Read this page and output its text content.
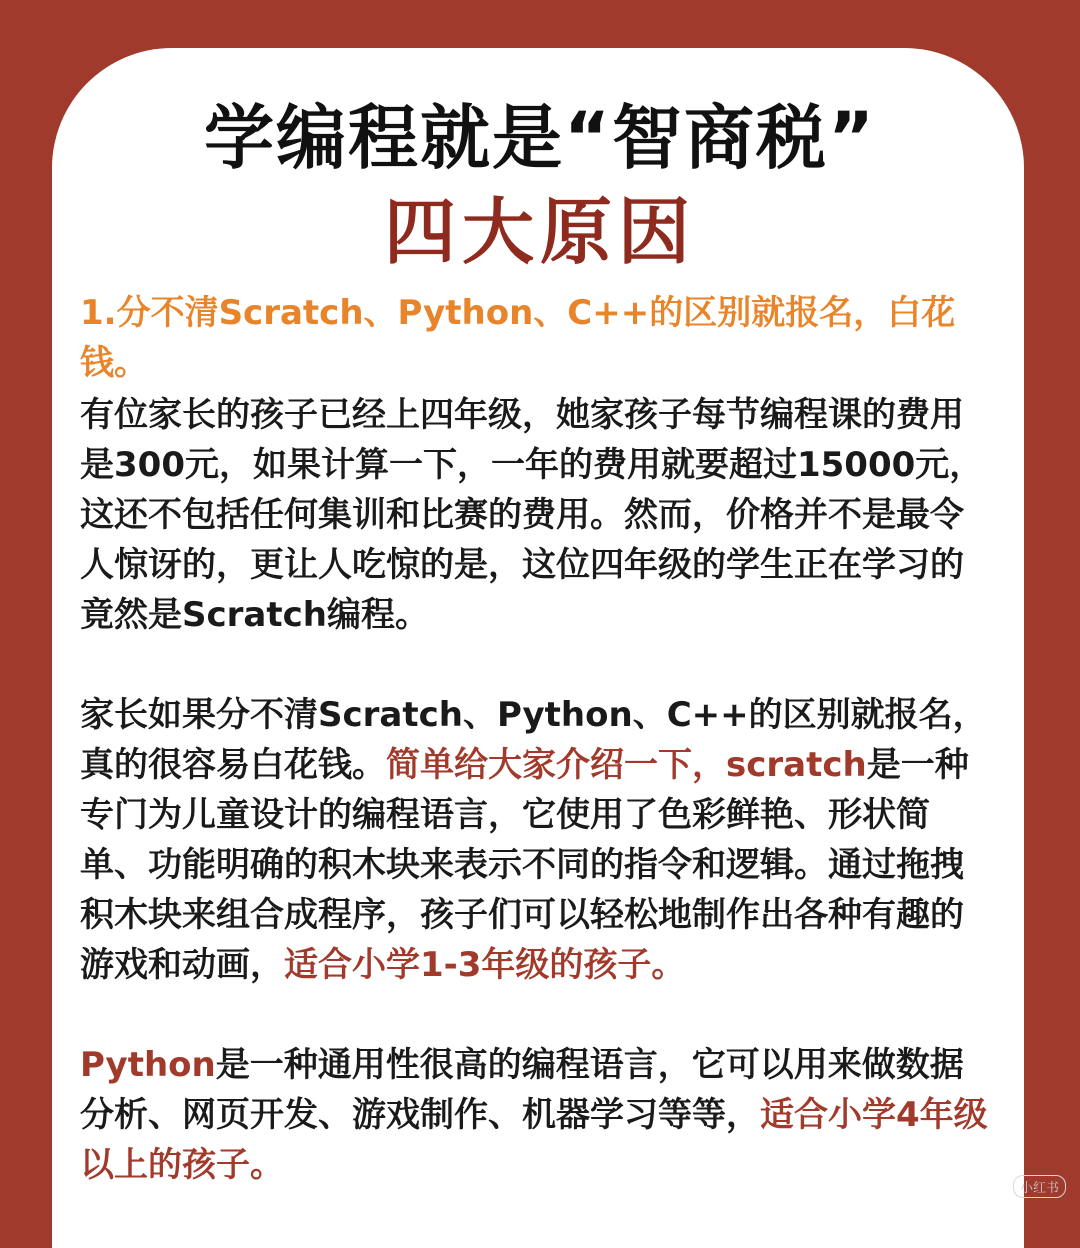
学编程就是“智商税”
四大原因

1.分不清Scratch、Python、C++的区别就报名，白花钱。

有位家长的孩子已经上四年级，她家孩子每节编程课的费用是300元，如果计算一下，一年的费用就要超过15000元，这还不包括任何集训和比赛的费用。然而，价格并不是最令人惊讶的，更让人吃惊的是，这位四年级的学生正在学习的竟然是Scratch编程。

家长如果分不清Scratch、Python、C++的区别就报名，真的很容易白花钱。简单给大家介绍一下，scratch是一种专门为儿童设计的编程语言，它使用了色彩鲜艳、形状简单、功能明确的积木块来表示不同的指令和逻辑。通过拖拽积木块来组合成程序，孩子们可以轻松地制作出各种有趣的游戏和动画，适合小学1-3年级的孩子。

Python是一种通用性很高的编程语言，它可以用来做数据分析、网页开发、游戏制作、机器学习等等，适合小学4年级以上的孩子。

小红书
